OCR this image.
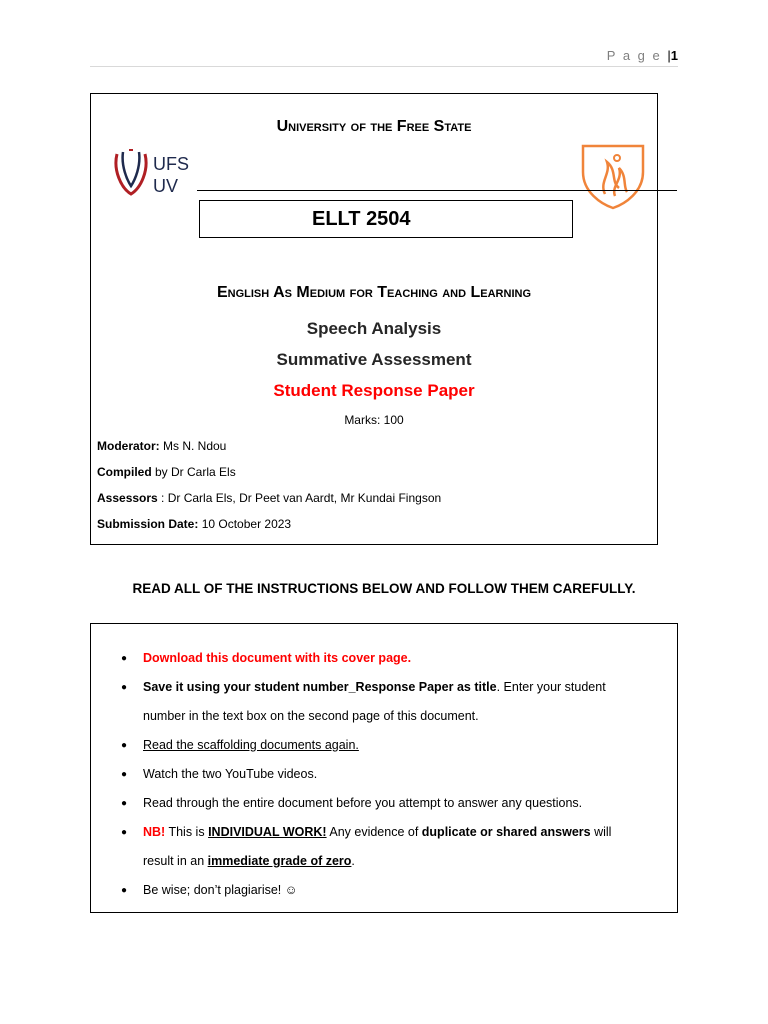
P a g e |1
University of the Free State
UFS
UV
ELLT 2504
English As Medium for Teaching and Learning
Speech Analysis
Summative Assessment
Student Response Paper
Marks: 100
Moderator: Ms N. Ndou
Compiled by Dr Carla Els
Assessors : Dr Carla Els, Dr Peet van Aardt, Mr Kundai Fingson
Submission Date: 10 October 2023
READ ALL OF THE INSTRUCTIONS BELOW AND FOLLOW THEM CAREFULLY.
● Download this document with its cover page.
● Save it using your student number_Response Paper as title. Enter your student
number in the text box on the second page of this document.
● Read the scaffolding documents again.
● Watch the two YouTube videos.
● Read through the entire document before you attempt to answer any questions.
● NB! This is INDIVIDUAL WORK! Any evidence of duplicate or shared answers will
result in an immediate grade of zero.
● Be wise; don’t plagiarise! ☺
